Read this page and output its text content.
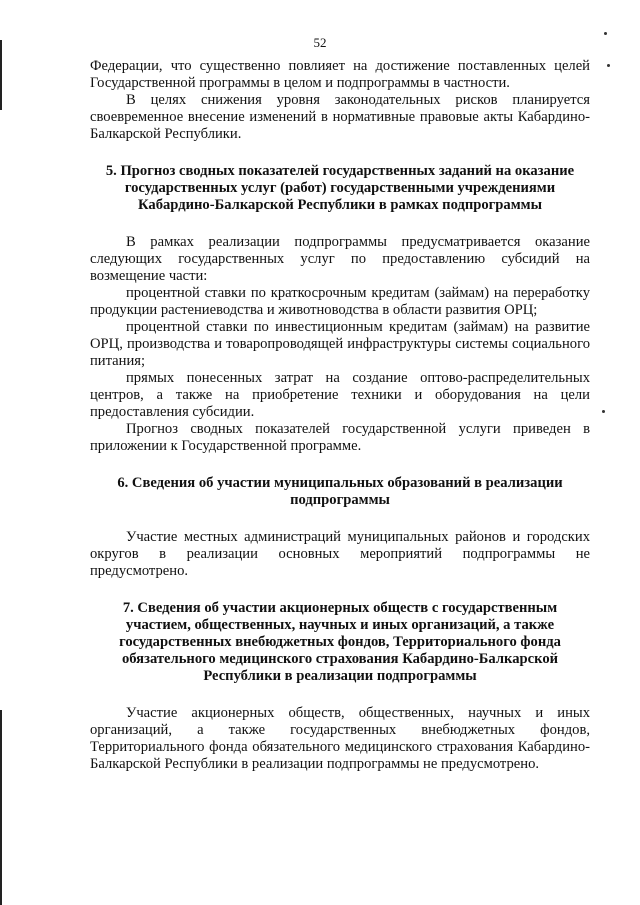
52

Федерации, что существенно повлияет на достижение поставленных целей Государственной программы в целом и подпрограммы в частности.

В целях снижения уровня законодательных рисков планируется своевременное внесение изменений в нормативные правовые акты Кабардино-Балкарской Республики.

5. Прогноз сводных показателей государственных заданий на оказание государственных услуг (работ) государственными учреждениями Кабардино-Балкарской Республики в рамках подпрограммы

В рамках реализации подпрограммы предусматривается оказание следующих государственных услуг по предоставлению субсидий на возмещение части:

процентной ставки по краткосрочным кредитам (займам) на переработку продукции растениеводства и животноводства в области развития ОРЦ;

процентной ставки по инвестиционным кредитам (займам) на развитие ОРЦ, производства и товаропроводящей инфраструктуры системы социального питания;

прямых понесенных затрат на создание оптово-распределительных центров, а также на приобретение техники и оборудования на цели предоставления субсидии.

Прогноз сводных показателей государственной услуги приведен в приложении к Государственной программе.

6. Сведения об участии муниципальных образований в реализации подпрограммы

Участие местных администраций муниципальных районов и городских округов в реализации основных мероприятий подпрограммы не предусмотрено.

7. Сведения об участии акционерных обществ с государственным участием, общественных, научных и иных организаций, а также государственных внебюджетных фондов, Территориального фонда обязательного медицинского страхования Кабардино-Балкарской Республики в реализации подпрограммы

Участие акционерных обществ, общественных, научных и иных организаций, а также государственных внебюджетных фондов, Территориального фонда обязательного медицинского страхования Кабардино-Балкарской Республики в реализации подпрограммы не предусмотрено.
